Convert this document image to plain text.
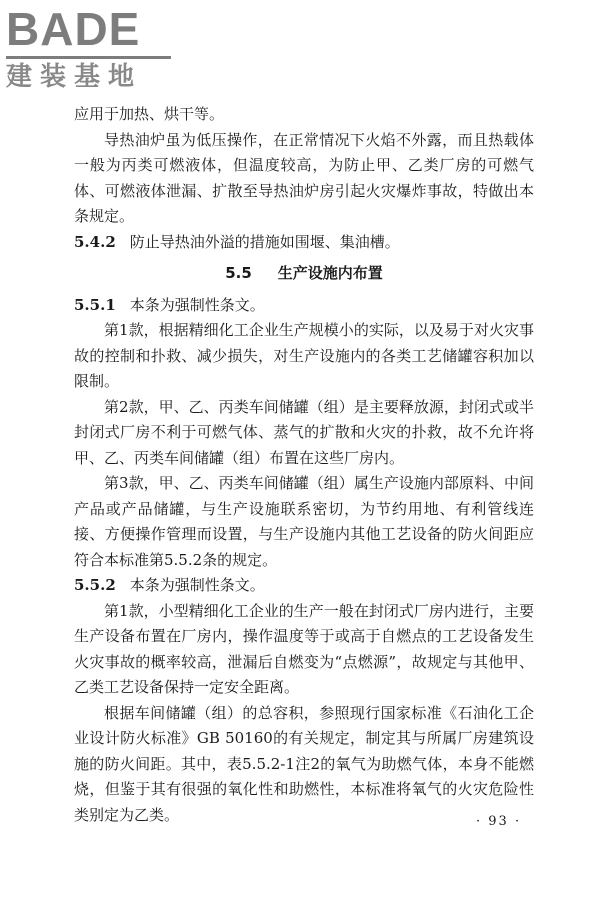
BADE
建装基地

应用于加热、烘干等。

导热油炉虽为低压操作，在正常情况下火焰不外露，而且热载体一般为丙类可燃液体，但温度较高，为防止甲、乙类厂房的可燃气体、可燃液体泄漏、扩散至导热油炉房引起火灾爆炸事故，特做出本条规定。

5.4.2 防止导热油外溢的措施如围堰、集油槽。

5.5 生产设施内布置

5.5.1 本条为强制性条文。

第1款，根据精细化工企业生产规模小的实际，以及易于对火灾事故的控制和扑救、减少损失，对生产设施内的各类工艺储罐容积加以限制。

第2款，甲、乙、丙类车间储罐（组）是主要释放源，封闭式或半封闭式厂房不利于可燃气体、蒸气的扩散和火灾的扑救，故不允许将甲、乙、丙类车间储罐（组）布置在这些厂房内。

第3款，甲、乙、丙类车间储罐（组）属生产设施内部原料、中间产品或产品储罐，与生产设施联系密切，为节约用地、有利管线连接、方便操作管理而设置，与生产设施内其他工艺设备的防火间距应符合本标准第5.5.2条的规定。

5.5.2 本条为强制性条文。

第1款，小型精细化工企业的生产一般在封闭式厂房内进行，主要生产设备布置在厂房内，操作温度等于或高于自燃点的工艺设备发生火灾事故的概率较高，泄漏后自燃变为“点燃源”，故规定与其他甲、乙类工艺设备保持一定安全距离。

根据车间储罐（组）的总容积，参照现行国家标准《石油化工企业设计防火标准》GB 50160的有关规定，制定其与所属厂房建筑设施的防火间距。其中，表5.5.2-1注2的氧气为助燃气体，本身不能燃烧，但鉴于其有很强的氧化性和助燃性，本标准将氧气的火灾危险性类别定为乙类。	· 93 ·
